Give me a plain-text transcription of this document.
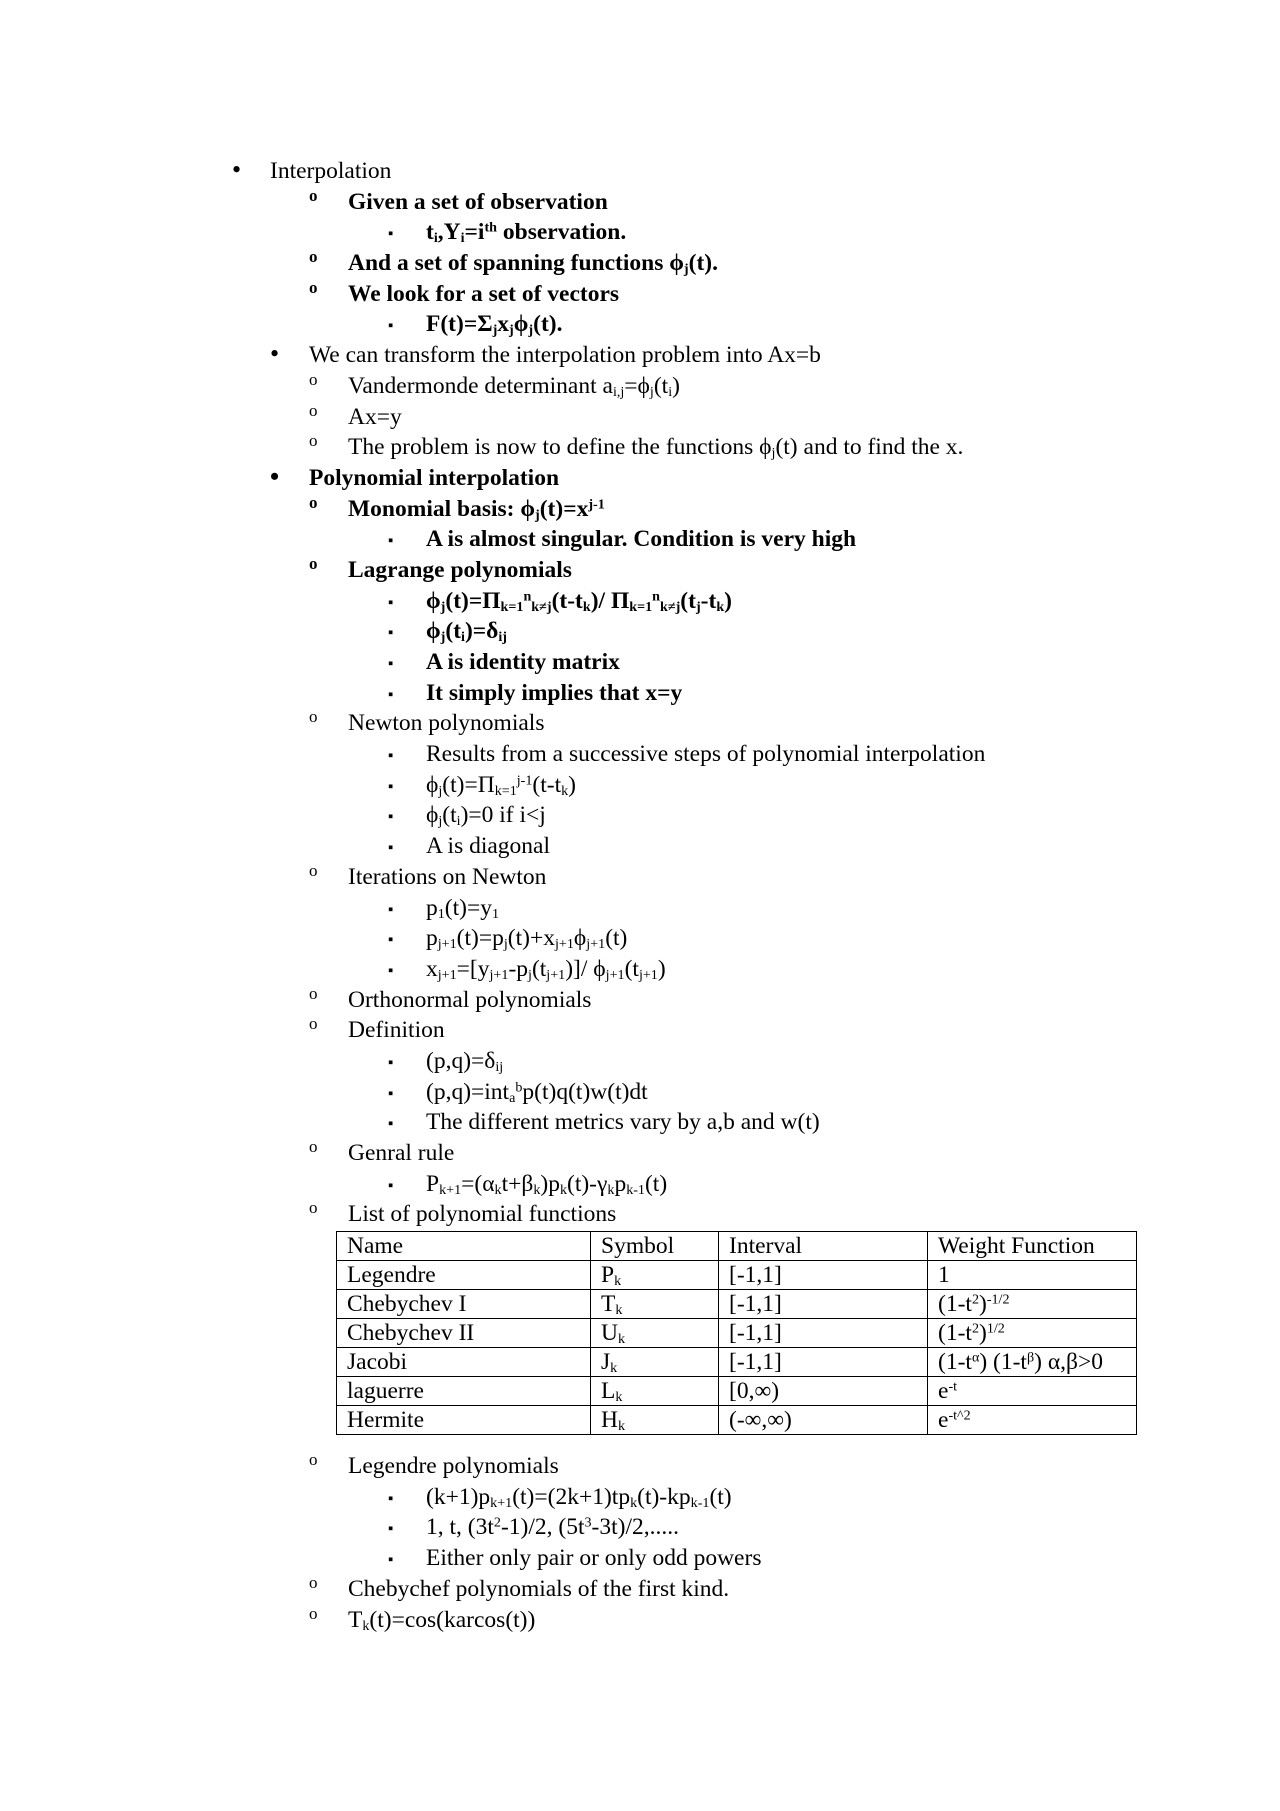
• Interpolation
o Given a set of observation
▪ $t_i,Y_i=i^{th}$ observation.
o And a set of spanning functions $\phi_j(t)$.
o We look for a set of vectors
▪ $F(t)=\Sigma_jx_j\phi_j(t)$.
• We can transform the interpolation problem into Ax=b
o Vandermonde determinant $a_{i,j}=\phi_j(t_i)$
o Ax=y
o The problem is now to define the functions $\phi_j(t)$ and to find the x.
• Polynomial interpolation
o Monomial basis: $\phi_j(t)=x^{j-1}$
▪ A is almost singular. Condition is very high
o Lagrange polynomials
▪ $\phi_j(t)=\Pi_{k=1}^n_{k\ne j}(t-t_k)/$ $\Pi_{k=1}^n_{k\ne j}(t_j-t_k)$
▪ $\phi_j(t_i)=\delta_{ij}$
▪ A is identity matrix
▪ It simply implies that x=y
o Newton polynomials
▪ Results from a successive steps of polynomial interpolation
▪ $\phi_j(t)=\Pi_{k=1}^{j-1}(t-t_k)$
▪ $\phi_j(t_i)=0$ if i<j
▪ A is diagonal
o Iterations on Newton
▪ $p_1(t)=y_1$
▪ $p_{j+1}(t)=p_j(t)+x_{j+1}\phi_{j+1}(t)$
▪ $x_{j+1}=[y_{j+1}-p_j(t_{j+1})]/$ $\phi_{j+1}(t_{j+1})$
o Orthonormal polynomials
o Definition
▪ $(p,q)=\delta_{ij}$
▪ (p,q)=int$_a^b$p(t)q(t)w(t)dt
▪ The different metrics vary by a,b and w(t)
o Genral rule
▪ $P_{k+1}=(\alpha_kt+\beta_k)p_k(t)-\gamma_kp_{k-1}(t)$
o List of polynomial functions
Name	Symbol	Interval	Weight Function
Legendre	$P_k$	[-1,1]	1
Chebychev I	$T_k$	[-1,1]	$(1-t^2)^{-1/2}$
Chebychev II	$U_k$	[-1,1]	$(1-t^2)^{1/2}$
Jacobi	$J_k$	[-1,1]	$(1-t^\alpha)$ $(1-t^\beta)$ α,β>0
laguerre	$L_k$	[0,∞)	$e^{-t}$
Hermite	$H_k$	(-∞,∞)	$e^{-t\^{}2}$
o Legendre polynomials
▪ $(k+1)p_{k+1}(t)=(2k+1)tp_k(t)-kp_{k-1}(t)$
▪ 1, t, $(3t^2-1)/2$, $(5t^3-3t)/2$,.....
▪ Either only pair or only odd powers
o Chebychef polynomials of the first kind.
o $T_k(t)=\cos(karcos(t))$
